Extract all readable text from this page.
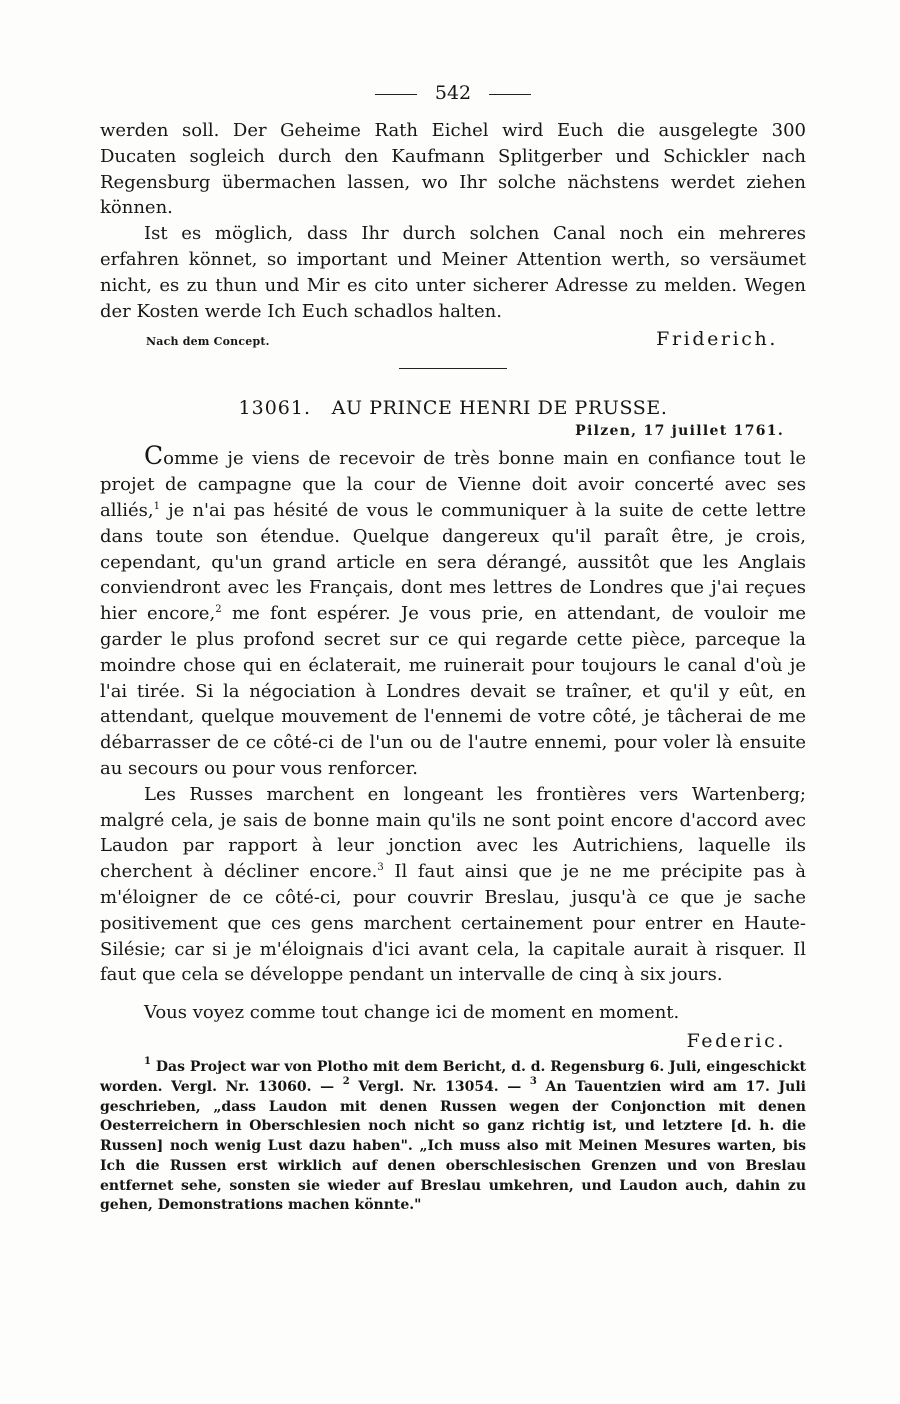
542

werden soll. Der Geheime Rath Eichel wird Euch die ausgelegte 300 Ducaten sogleich durch den Kaufmann Splitgerber und Schickler nach Regensburg übermachen lassen, wo Ihr solche nächstens werdet ziehen können.

Ist es möglich, dass Ihr durch solchen Canal noch ein mehreres erfahren könnet, so important und Meiner Attention werth, so versäumet nicht, es zu thun und Mir es cito unter sicherer Adresse zu melden. Wegen der Kosten werde Ich Euch schadlos halten.

Nach dem Concept.	Friderich.
13061. AU PRINCE HENRI DE PRUSSE.
Pilzen, 17 juillet 1761.

Comme je viens de recevoir de très bonne main en confiance tout le projet de campagne que la cour de Vienne doit avoir concerté avec ses alliés,$^1$ je n'ai pas hésité de vous le communiquer à la suite de cette lettre dans toute son étendue. Quelque dangereux qu'il paraît être, je crois, cependant, qu'un grand article en sera dérangé, aussitôt que les Anglais conviendront avec les Français, dont mes lettres de Londres que j'ai reçues hier encore,$^2$ me font espérer. Je vous prie, en attendant, de vouloir me garder le plus profond secret sur ce qui regarde cette pièce, parceque la moindre chose qui en éclaterait, me ruinerait pour toujours le canal d'où je l'ai tirée. Si la négociation à Londres devait se traîner, et qu'il y eût, en attendant, quelque mouvement de l'ennemi de votre côté, je tâcherai de me débarrasser de ce côté-ci de l'un ou de l'autre ennemi, pour voler là ensuite au secours ou pour vous renforcer.

Les Russes marchent en longeant les frontières vers Wartenberg; malgré cela, je sais de bonne main qu'ils ne sont point encore d'accord avec Laudon par rapport à leur jonction avec les Autrichiens, laquelle ils cherchent à décliner encore.$^3$ Il faut ainsi que je ne me précipite pas à m'éloigner de ce côté-ci, pour couvrir Breslau, jusqu'à ce que je sache positivement que ces gens marchent certainement pour entrer en Haute-Silésie; car si je m'éloignais d'ici avant cela, la capitale aurait à risquer. Il faut que cela se développe pendant un intervalle de cinq à six jours.

Vous voyez comme tout change ici de moment en moment.

Federic.

$^1$ Das Project war von Plotho mit dem Bericht, d. d. Regensburg 6. Juli, eingeschickt worden. Vergl. Nr. 13060. — $^2$ Vergl. Nr. 13054. — $^3$ An Tauentzien wird am 17. Juli geschrieben, „dass Laudon mit denen Russen wegen der Conjonction mit denen Oesterreichern in Oberschlesien noch nicht so ganz richtig ist, und letztere [d. h. die Russen] noch wenig Lust dazu haben". „Ich muss also mit Meinen Mesures warten, bis Ich die Russen erst wirklich auf denen oberschlesischen Grenzen und von Breslau entfernet sehe, sonsten sie wieder auf Breslau umkehren, und Laudon auch, dahin zu gehen, Demonstrations machen könnte."
